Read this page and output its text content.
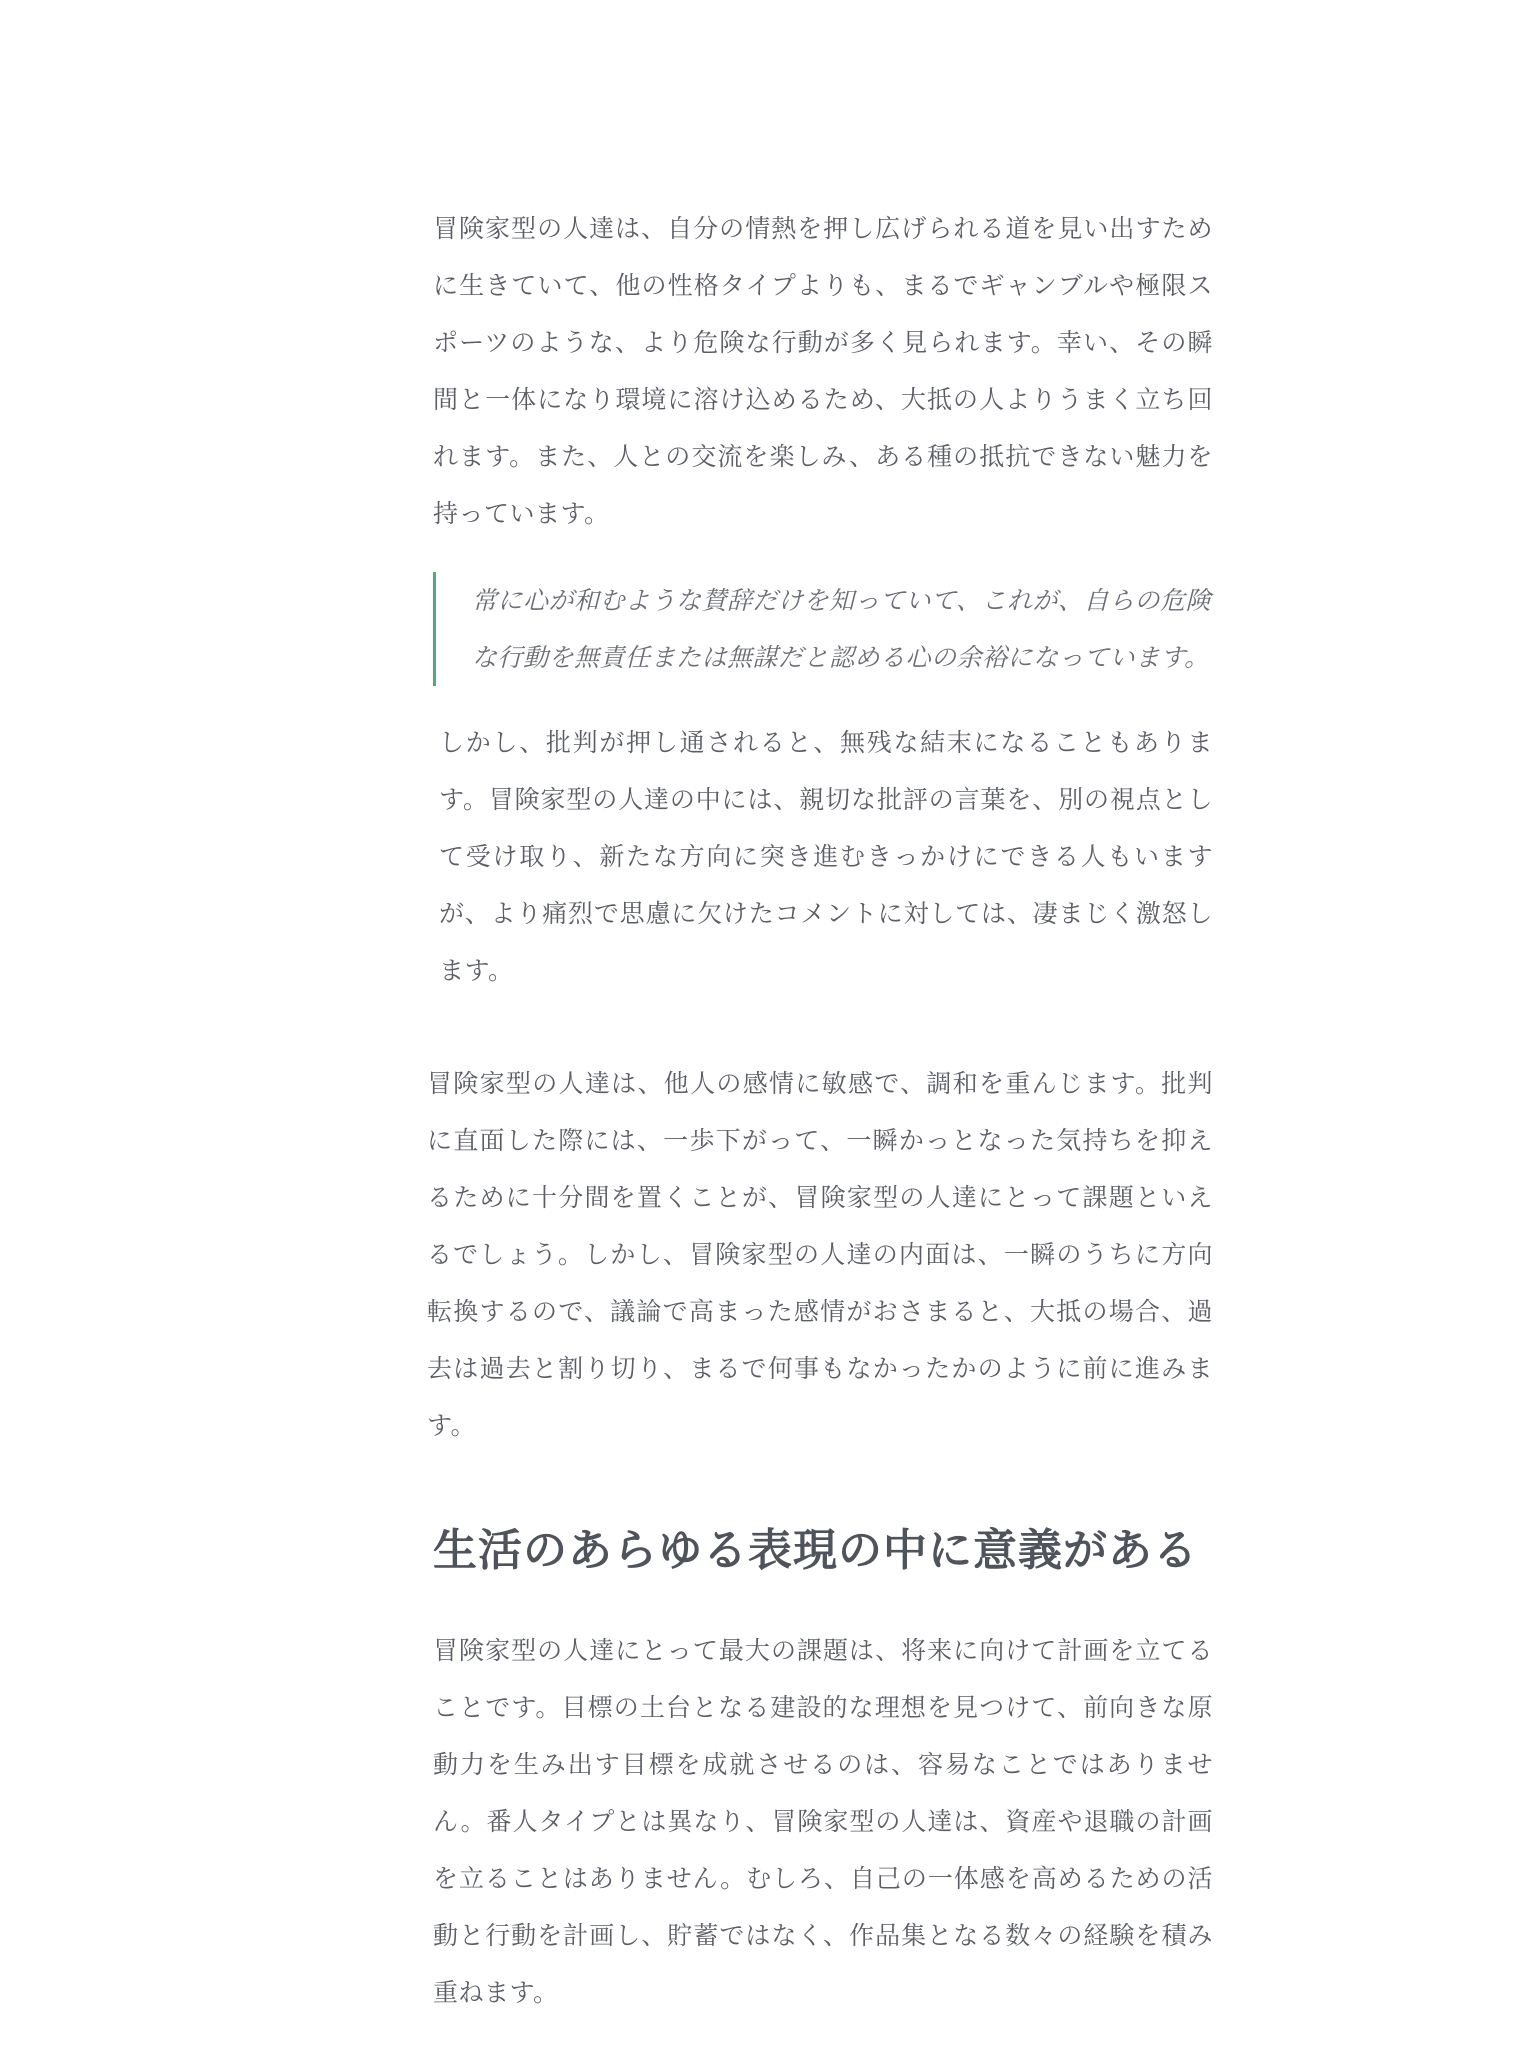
冒険家型の人達は、自分の情熱を押し広げられる道を見い出すために生きていて、他の性格タイプよりも、まるでギャンブルや極限スポーツのような、より危険な行動が多く見られます。幸い、その瞬間と一体になり環境に溶け込めるため、大抵の人よりうまく立ち回れます。また、人との交流を楽しみ、ある種の抵抗できない魅力を持っています。

常に心が和むような賛辞だけを知っていて、これが、自らの危険な行動を無責任または無謀だと認める心の余裕になっています。

しかし、批判が押し通されると、無残な結末になることもあります。冒険家型の人達の中には、親切な批評の言葉を、別の視点として受け取り、新たな方向に突き進むきっかけにできる人もいますが、より痛烈で思慮に欠けたコメントに対しては、凄まじく激怒します。

冒険家型の人達は、他人の感情に敏感で、調和を重んじます。批判に直面した際には、一歩下がって、一瞬かっとなった気持ちを抑えるために十分間を置くことが、冒険家型の人達にとって課題といえるでしょう。しかし、冒険家型の人達の内面は、一瞬のうちに方向転換するので、議論で高まった感情がおさまると、大抵の場合、過去は過去と割り切り、まるで何事もなかったかのように前に進みます。

生活のあらゆる表現の中に意義がある

冒険家型の人達にとって最大の課題は、将来に向けて計画を立てることです。目標の土台となる建設的な理想を見つけて、前向きな原動力を生み出す目標を成就させるのは、容易なことではありません。番人タイプとは異なり、冒険家型の人達は、資産や退職の計画を立ることはありません。むしろ、自己の一体感を高めるための活動と行動を計画し、貯蓄ではなく、作品集となる数々の経験を積み重ねます。
